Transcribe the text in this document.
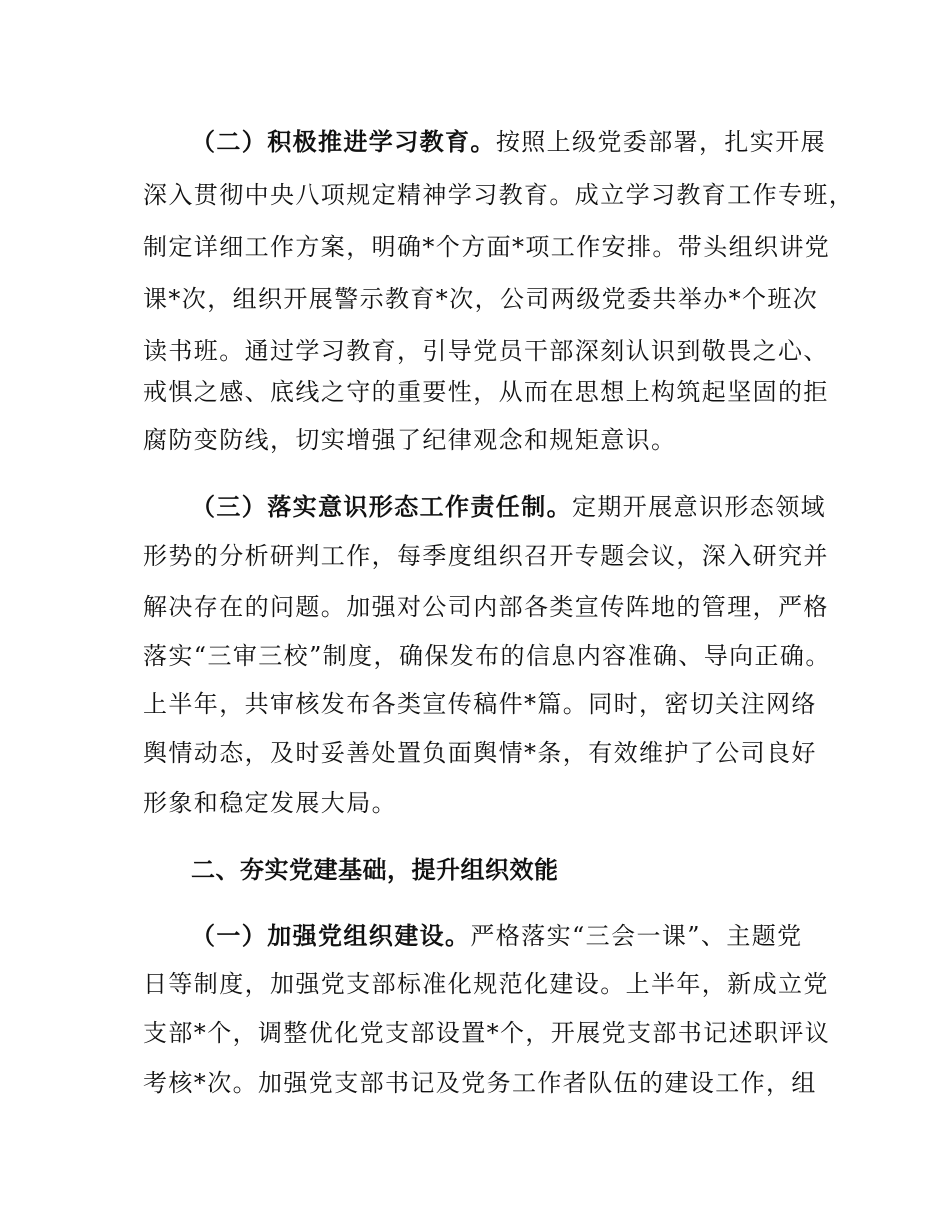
（二）积极推进学习教育。按照上级党委部署，扎实开展
深入贯彻中央八项规定精神学习教育。成立学习教育工作专班，
制定详细工作方案，明确*个方面*项工作安排。带头组织讲党
课*次，组织开展警示教育*次，公司两级党委共举办*个班次
读书班。通过学习教育，引导党员干部深刻认识到敬畏之心、
戒惧之感、底线之守的重要性，从而在思想上构筑起坚固的拒
腐防变防线，切实增强了纪律观念和规矩意识。
（三）落实意识形态工作责任制。定期开展意识形态领域
形势的分析研判工作，每季度组织召开专题会议，深入研究并
解决存在的问题。加强对公司内部各类宣传阵地的管理，严格
落实“三审三校”制度，确保发布的信息内容准确、导向正确。
上半年，共审核发布各类宣传稿件*篇。同时，密切关注网络
舆情动态，及时妥善处置负面舆情*条，有效维护了公司良好
形象和稳定发展大局。
二、夯实党建基础，提升组织效能
（一）加强党组织建设。严格落实“三会一课”、主题党
日等制度，加强党支部标准化规范化建设。上半年，新成立党
支部*个，调整优化党支部设置*个，开展党支部书记述职评议
考核*次。加强党支部书记及党务工作者队伍的建设工作，组
